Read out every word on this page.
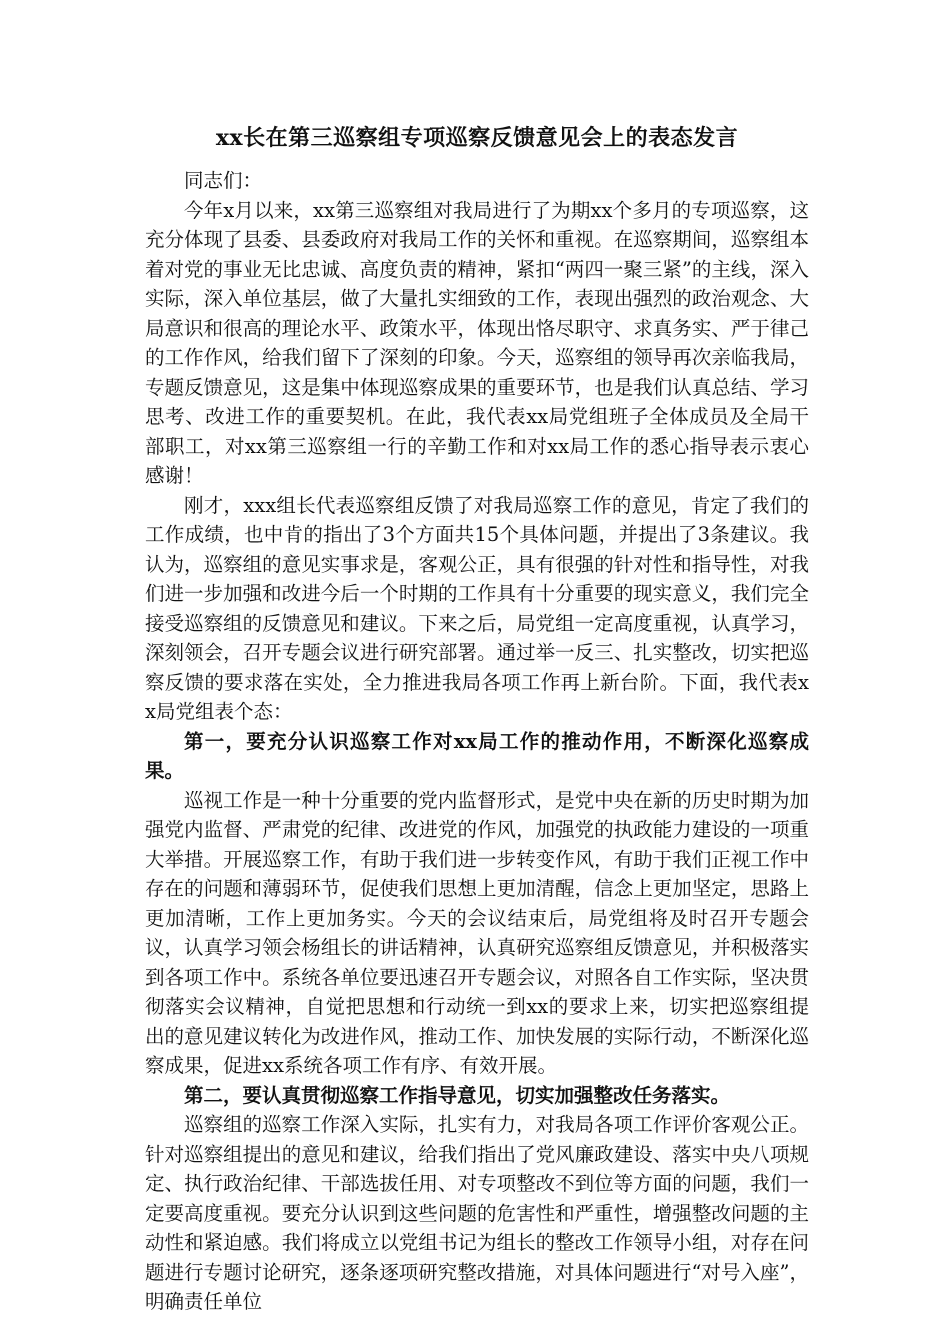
xx长在第三巡察组专项巡察反馈意见会上的表态发言

同志们：

今年x月以来，xx第三巡察组对我局进行了为期xx个多月的专项巡察，这充分体现了县委、县委政府对我局工作的关怀和重视。在巡察期间，巡察组本着对党的事业无比忠诚、高度负责的精神，紧扣“两四一聚三紧”的主线，深入实际，深入单位基层，做了大量扎实细致的工作，表现出强烈的政治观念、大局意识和很高的理论水平、政策水平，体现出恪尽职守、求真务实、严于律己的工作作风，给我们留下了深刻的印象。今天，巡察组的领导再次亲临我局，专题反馈意见，这是集中体现巡察成果的重要环节，也是我们认真总结、学习思考、改进工作的重要契机。在此，我代表xx局党组班子全体成员及全局干部职工，对xx第三巡察组一行的辛勤工作和对xx局工作的悉心指导表示衷心感谢！

刚才，xxx组长代表巡察组反馈了对我局巡察工作的意见，肯定了我们的工作成绩，也中肯的指出了3个方面共15个具体问题，并提出了3条建议。我认为，巡察组的意见实事求是，客观公正，具有很强的针对性和指导性，对我们进一步加强和改进今后一个时期的工作具有十分重要的现实意义，我们完全接受巡察组的反馈意见和建议。下来之后，局党组一定高度重视，认真学习，深刻领会，召开专题会议进行研究部署。通过举一反三、扎实整改，切实把巡察反馈的要求落在实处，全力推进我局各项工作再上新台阶。下面，我代表xx局党组表个态：

第一，要充分认识巡察工作对xx局工作的推动作用，不断深化巡察成果。

巡视工作是一种十分重要的党内监督形式，是党中央在新的历史时期为加强党内监督、严肃党的纪律、改进党的作风，加强党的执政能力建设的一项重大举措。开展巡察工作，有助于我们进一步转变作风，有助于我们正视工作中存在的问题和薄弱环节，促使我们思想上更加清醒，信念上更加坚定，思路上更加清晰，工作上更加务实。今天的会议结束后，局党组将及时召开专题会议，认真学习领会杨组长的讲话精神，认真研究巡察组反馈意见，并积极落实到各项工作中。系统各单位要迅速召开专题会议，对照各自工作实际，坚决贯彻落实会议精神，自觉把思想和行动统一到xx的要求上来，切实把巡察组提出的意见建议转化为改进作风，推动工作、加快发展的实际行动，不断深化巡察成果，促进xx系统各项工作有序、有效开展。

第二，要认真贯彻巡察工作指导意见，切实加强整改任务落实。

巡察组的巡察工作深入实际，扎实有力，对我局各项工作评价客观公正。针对巡察组提出的意见和建议，给我们指出了党风廉政建设、落实中央八项规定、执行政治纪律、干部选拔任用、对专项整改不到位等方面的问题，我们一定要高度重视。要充分认识到这些问题的危害性和严重性，增强整改问题的主动性和紧迫感。我们将成立以党组书记为组长的整改工作领导小组，对存在问题进行专题讨论研究，逐条逐项研究整改措施，对具体问题进行“对号入座”，明确责任单位
